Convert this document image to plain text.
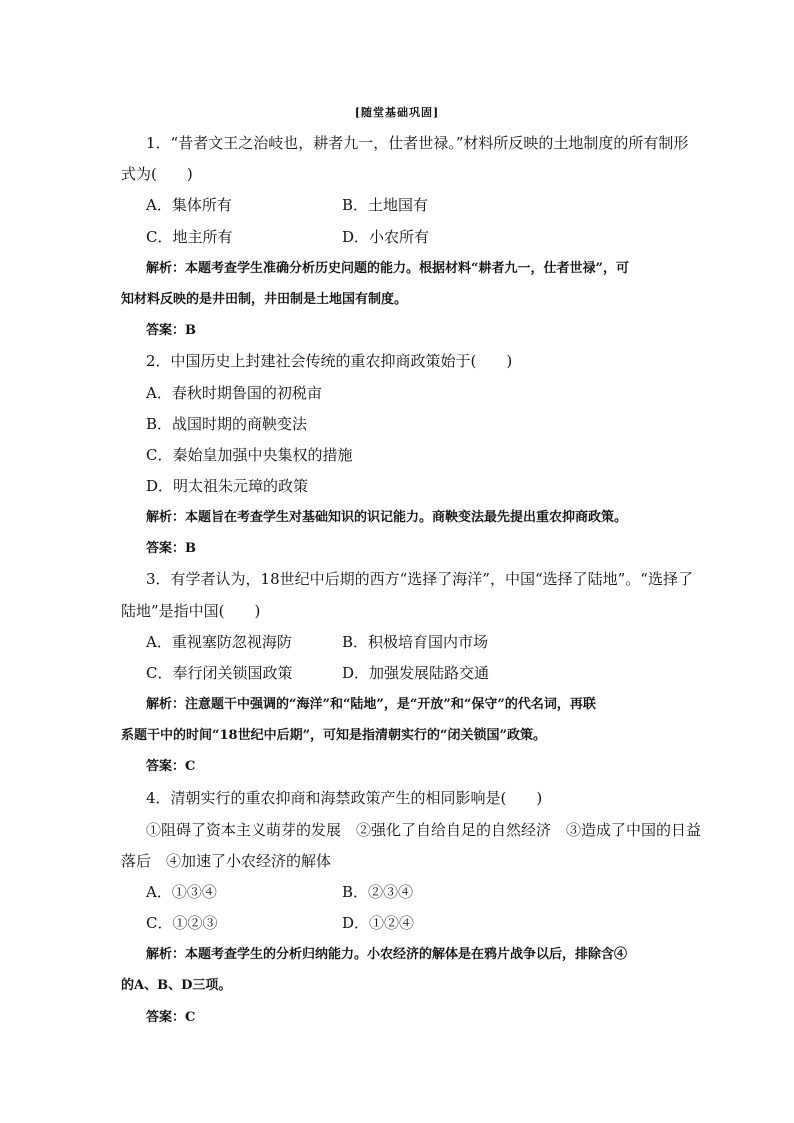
[随堂基础巩固]
1．“昔者文王之治岐也，耕者九一，仕者世禄。”材料所反映的土地制度的所有制形
式为(　　)
A．集体所有	B．土地国有
C．地主所有	D．小农所有
解析：本题考查学生准确分析历史问题的能力。根据材料“耕者九一，仕者世禄”，可
知材料反映的是井田制，井田制是土地国有制度。
答案：B
2．中国历史上封建社会传统的重农抑商政策始于(　　)
A．春秋时期鲁国的初税亩
B．战国时期的商鞅变法
C．秦始皇加强中央集权的措施
D．明太祖朱元璋的政策
解析：本题旨在考查学生对基础知识的识记能力。商鞅变法最先提出重农抑商政策。
答案：B
3．有学者认为，18世纪中后期的西方“选择了海洋”，中国“选择了陆地”。“选择了
陆地”是指中国(　　)
A．重视塞防忽视海防	B．积极培育国内市场
C．奉行闭关锁国政策	D．加强发展陆路交通
解析：注意题干中强调的“海洋”和“陆地”，是“开放”和“保守”的代名词，再联
系题干中的时间“18世纪中后期”，可知是指清朝实行的“闭关锁国”政策。
答案：C
4．清朝实行的重农抑商和海禁政策产生的相同影响是(　　)
①阻碍了资本主义萌芽的发展　②强化了自给自足的自然经济　③造成了中国的日益
落后　④加速了小农经济的解体
A．①③④	B．②③④
C．①②③	D．①②④
解析：本题考查学生的分析归纳能力。小农经济的解体是在鸦片战争以后，排除含④
的A、B、D三项。
答案：C
